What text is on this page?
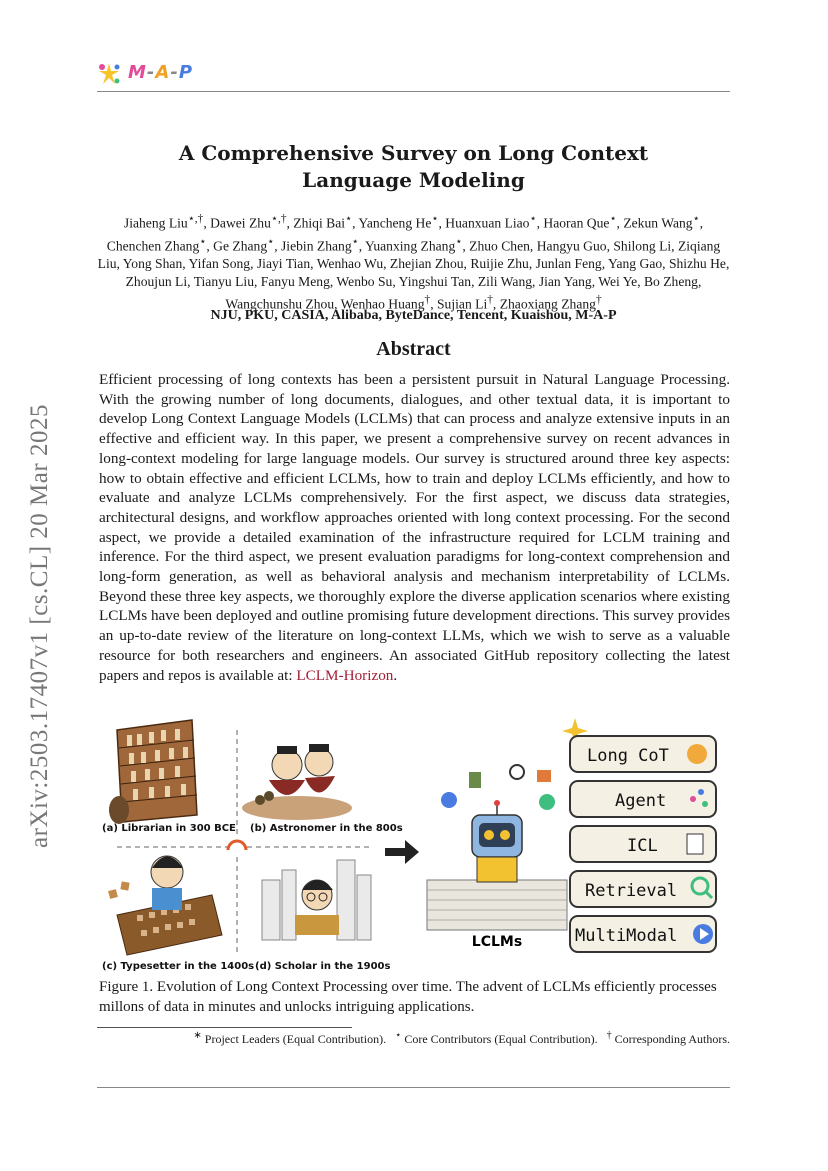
M-A-P
arXiv:2503.17407v1 [cs.CL] 20 Mar 2025
A Comprehensive Survey on Long Context
Language Modeling
Jiaheng Liu⋆,†, Dawei Zhu⋆,†, Zhiqi Bai⋆, Yancheng He⋆, Huanxuan Liao⋆, Haoran Que⋆, Zekun Wang⋆, Chenchen Zhang⋆, Ge Zhang⋆, Jiebin Zhang⋆, Yuanxing Zhang⋆, Zhuo Chen, Hangyu Guo, Shilong Li, Ziqiang Liu, Yong Shan, Yifan Song, Jiayi Tian, Wenhao Wu, Zhejian Zhou, Ruijie Zhu, Junlan Feng, Yang Gao, Shizhu He, Zhoujun Li, Tianyu Liu, Fanyu Meng, Wenbo Su, Yingshui Tan, Zili Wang, Jian Yang, Wei Ye, Bo Zheng, Wangchunshu Zhou, Wenhao Huang†, Sujian Li†, Zhaoxiang Zhang†
NJU, PKU, CASIA, Alibaba, ByteDance, Tencent, Kuaishou, M-A-P
Abstract
Efficient processing of long contexts has been a persistent pursuit in Natural Language Processing. With the growing number of long documents, dialogues, and other textual data, it is important to develop Long Context Language Models (LCLMs) that can process and analyze extensive inputs in an effective and efficient way. In this paper, we present a comprehensive survey on recent advances in long-context modeling for large language models. Our survey is structured around three key aspects: how to obtain effective and efficient LCLMs, how to train and deploy LCLMs efficiently, and how to evaluate and analyze LCLMs comprehensively. For the first aspect, we discuss data strategies, architectural designs, and workflow approaches oriented with long context processing. For the second aspect, we provide a detailed examination of the infrastructure required for LCLM training and inference. For the third aspect, we present evaluation paradigms for long-context comprehension and long-form generation, as well as behavioral analysis and mechanism interpretability of LCLMs. Beyond these three key aspects, we thoroughly explore the diverse application scenarios where existing LCLMs have been deployed and outline promising future development directions. This survey provides an up-to-date review of the literature on long-context LLMs, which we wish to serve as a valuable resource for both researchers and engineers. An associated GitHub repository collecting the latest papers and repos is available at: LCLM-Horizon.
(a) Librarian in 300 BCE (b) Astronomer in the 800s
(c) Typesetter in the 1400s (d) Scholar in the 1900s
LCLMs
Long CoT
Agent
ICL
Retrieval
MultiModal
Figure 1. Evolution of Long Context Processing over time. The advent of LCLMs efficiently processes millons of data in minutes and unlocks intriguing applications.
∗ Project Leaders (Equal Contribution). ⋆ Core Contributors (Equal Contribution). † Corresponding Authors.
